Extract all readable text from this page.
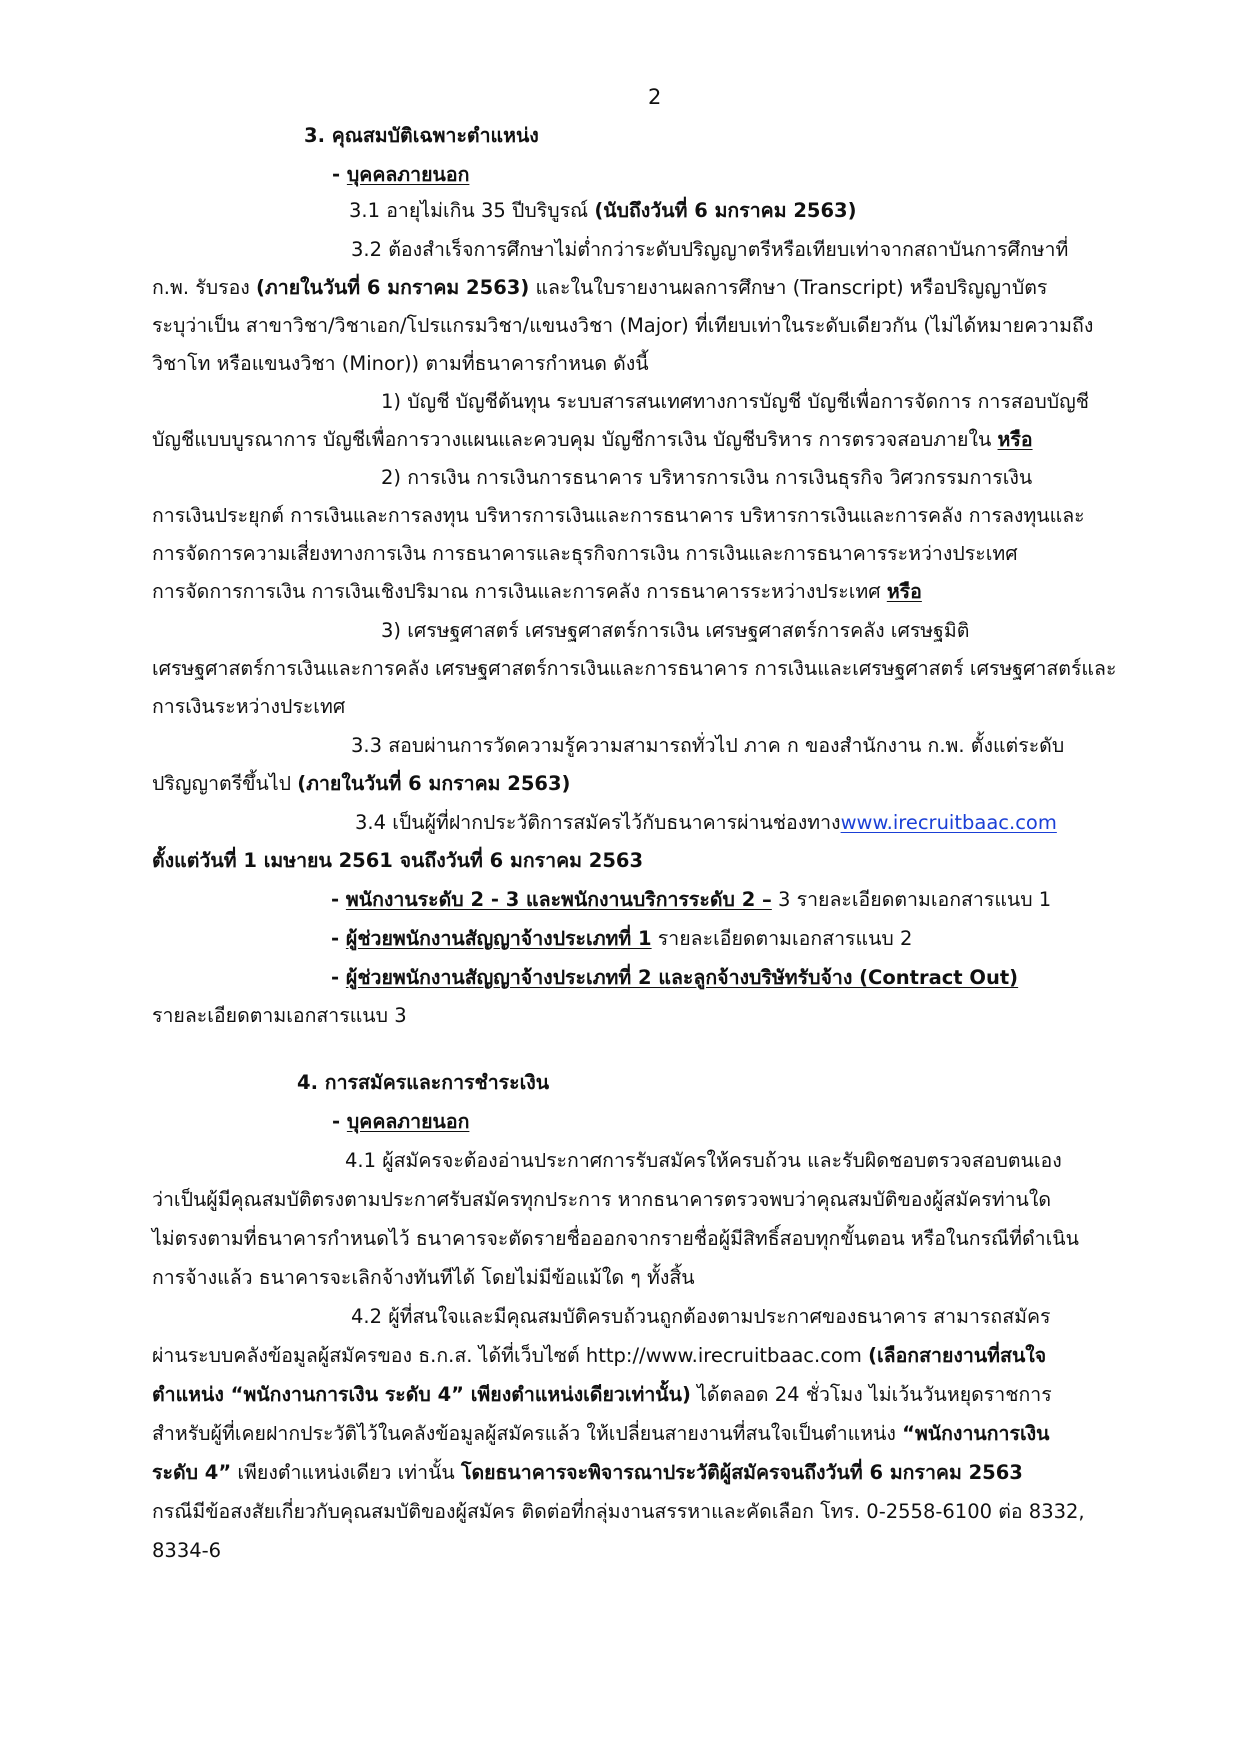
2
3. คุณสมบัติเฉพาะตำแหน่ง
- บุคคลภายนอก
3.1 อายุไม่เกิน 35 ปีบริบูรณ์ (นับถึงวันที่ 6 มกราคม 2563)
3.2 ต้องสำเร็จการศึกษาไม่ต่ำกว่าระดับปริญญาตรีหรือเทียบเท่าจากสถาบันการศึกษาที่
ก.พ. รับรอง (ภายในวันที่ 6 มกราคม 2563) และในใบรายงานผลการศึกษา (Transcript) หรือปริญญาบัตร
ระบุว่าเป็น สาขาวิชา/วิชาเอก/โปรแกรมวิชา/แขนงวิชา (Major) ที่เทียบเท่าในระดับเดียวกัน (ไม่ได้หมายความถึง
วิชาโท หรือแขนงวิชา (Minor)) ตามที่ธนาคารกำหนด ดังนี้
1) บัญชี บัญชีต้นทุน ระบบสารสนเทศทางการบัญชี บัญชีเพื่อการจัดการ การสอบบัญชี
บัญชีแบบบูรณาการ บัญชีเพื่อการวางแผนและควบคุม บัญชีการเงิน บัญชีบริหาร การตรวจสอบภายใน หรือ
2) การเงิน การเงินการธนาคาร บริหารการเงิน การเงินธุรกิจ วิศวกรรมการเงิน
การเงินประยุกต์ การเงินและการลงทุน บริหารการเงินและการธนาคาร บริหารการเงินและการคลัง การลงทุนและ
การจัดการความเสี่ยงทางการเงิน การธนาคารและธุรกิจการเงิน การเงินและการธนาคารระหว่างประเทศ
การจัดการการเงิน การเงินเชิงปริมาณ การเงินและการคลัง การธนาคารระหว่างประเทศ หรือ
3) เศรษฐศาสตร์ เศรษฐศาสตร์การเงิน เศรษฐศาสตร์การคลัง เศรษฐมิติ
เศรษฐศาสตร์การเงินและการคลัง เศรษฐศาสตร์การเงินและการธนาคาร การเงินและเศรษฐศาสตร์ เศรษฐศาสตร์และ
การเงินระหว่างประเทศ
3.3 สอบผ่านการวัดความรู้ความสามารถทั่วไป ภาค ก ของสำนักงาน ก.พ. ตั้งแต่ระดับ
ปริญญาตรีขึ้นไป (ภายในวันที่ 6 มกราคม 2563)
3.4 เป็นผู้ที่ฝากประวัติการสมัครไว้กับธนาคารผ่านช่องทางwww.irecruitbaac.com
ตั้งแต่วันที่ 1 เมษายน 2561 จนถึงวันที่ 6 มกราคม 2563
- พนักงานระดับ 2 - 3 และพนักงานบริการระดับ 2 – 3 รายละเอียดตามเอกสารแนบ 1
- ผู้ช่วยพนักงานสัญญาจ้างประเภทที่ 1 รายละเอียดตามเอกสารแนบ 2
- ผู้ช่วยพนักงานสัญญาจ้างประเภทที่ 2 และลูกจ้างบริษัทรับจ้าง (Contract Out)
รายละเอียดตามเอกสารแนบ 3
4. การสมัครและการชำระเงิน
- บุคคลภายนอก
4.1 ผู้สมัครจะต้องอ่านประกาศการรับสมัครให้ครบถ้วน และรับผิดชอบตรวจสอบตนเอง
ว่าเป็นผู้มีคุณสมบัติตรงตามประกาศรับสมัครทุกประการ หากธนาคารตรวจพบว่าคุณสมบัติของผู้สมัครท่านใด
ไม่ตรงตามที่ธนาคารกำหนดไว้ ธนาคารจะตัดรายชื่อออกจากรายชื่อผู้มีสิทธิ์สอบทุกขั้นตอน หรือในกรณีที่ดำเนิน
การจ้างแล้ว ธนาคารจะเลิกจ้างทันทีได้ โดยไม่มีข้อแม้ใด ๆ ทั้งสิ้น
4.2 ผู้ที่สนใจและมีคุณสมบัติครบถ้วนถูกต้องตามประกาศของธนาคาร สามารถสมัคร
ผ่านระบบคลังข้อมูลผู้สมัครของ ธ.ก.ส. ได้ที่เว็บไซต์ http://www.irecruitbaac.com (เลือกสายงานที่สนใจ
ตำแหน่ง “พนักงานการเงิน ระดับ 4” เพียงตำแหน่งเดียวเท่านั้น) ได้ตลอด 24 ชั่วโมง ไม่เว้นวันหยุดราชการ
สำหรับผู้ที่เคยฝากประวัติไว้ในคลังข้อมูลผู้สมัครแล้ว ให้เปลี่ยนสายงานที่สนใจเป็นตำแหน่ง “พนักงานการเงิน
ระดับ 4” เพียงตำแหน่งเดียว เท่านั้น โดยธนาคารจะพิจารณาประวัติผู้สมัครจนถึงวันที่ 6 มกราคม 2563
กรณีมีข้อสงสัยเกี่ยวกับคุณสมบัติของผู้สมัคร ติดต่อที่กลุ่มงานสรรหาและคัดเลือก โทร. 0-2558-6100 ต่อ 8332,
8334-6
